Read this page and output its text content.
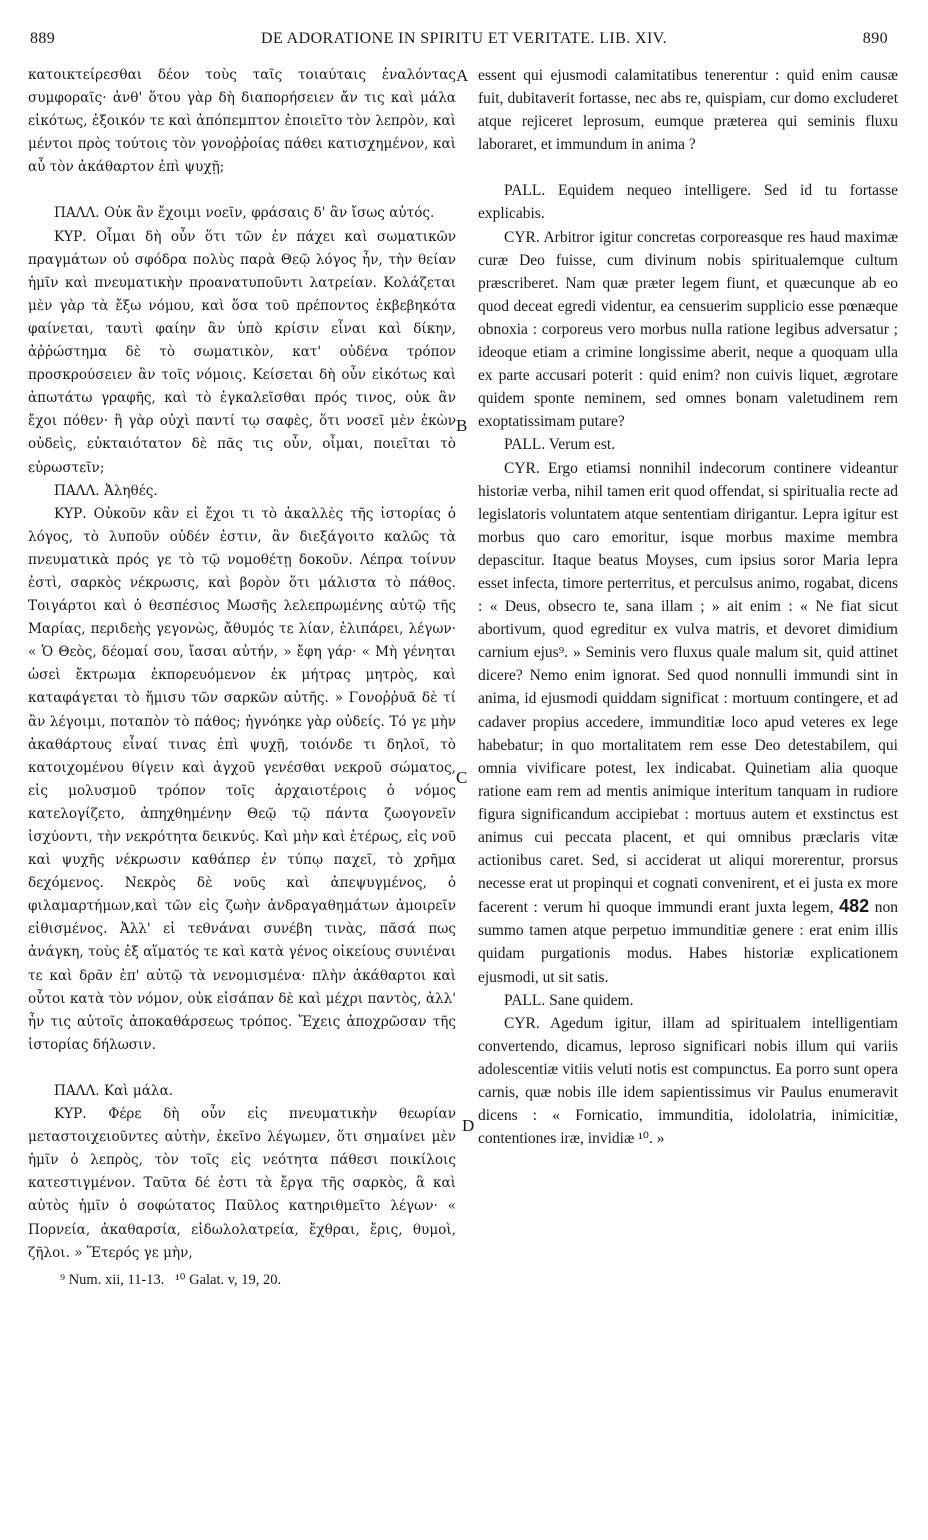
889	DE ADORATIONE IN SPIRITU ET VERITATE. LIB. XIV.	890

κατοικτείρεσθαι δέον τοὺς ταῖς τοιαύταις ἐναλόντας συμφοραῖς· ἀνθ' ὅτου γὰρ δὴ διαπορήσειεν ἄν τις καὶ μάλα εἰκότως, ἐξοικόν τε καὶ ἀπόπεμπτον ἐποιεῖτο τὸν λεπρὸν, καὶ μέντοι πρὸς τούτοις τὸν γονοῤῥοίας πάθει κατισχημένον, καὶ αὖ τὸν ἀκάθαρτον ἐπὶ ψυχῇ;

ΠΑΛΛ. Οὐκ ἂν ἔχοιμι νοεῖν, φράσαις δ' ἂν ἴσως αὐτός.

ΚΥΡ. Οἶμαι δὴ οὖν ὅτι τῶν ἐν πάχει καὶ σωματικῶν πραγμάτων οὐ σφόδρα πολὺς παρὰ Θεῷ λόγος ἦν, τὴν θείαν ἡμῖν καὶ πνευματικὴν προανατυποῦντι λατρείαν. Κολάζεται μὲν γὰρ τὰ ἔξω νόμου, καὶ ὅσα τοῦ πρέποντος ἐκβεβηκότα φαίνεται, ταυτὶ φαίην ἂν ὑπὸ κρίσιν εἶναι καὶ δίκην, ἀῤῥώστημα δὲ τὸ σωματικὸν, κατ' οὐδένα τρόπον προσκρούσειεν ἂν τοῖς νόμοις. Κείσεται δὴ οὖν εἰκότως καὶ ἀπωτάτω γραφῆς, καὶ τὸ ἐγκαλεῖσθαι πρός τινος, οὐκ ἂν ἔχοι πόθεν· ἢ γὰρ οὐχὶ παντί τῳ σαφὲς, ὅτι νοσεῖ μὲν ἑκὼν οὐδεὶς, εὐκταιότατον δὲ πᾶς τις οὖν, οἶμαι, ποιεῖται τὸ εὐρωστεῖν;

ΠΑΛΛ. Ἀληθές.

ΚΥΡ. Οὐκοῦν κἂν εἰ ἔχοι τι τὸ ἀκαλλὲς τῆς ἱστορίας ὁ λόγος, τὸ λυποῦν οὐδέν ἐστιν, ἂν διεξάγοιτο καλῶς τὰ πνευματικὰ πρός γε τὸ τῷ νομοθέτῃ δοκοῦν. Λέπρα τοίνυν ἐστὶ, σαρκὸς νέκρωσις, καὶ βορὸν ὅτι μάλιστα τὸ πάθος. Τοιγάρτοι καὶ ὁ θεσπέσιος Μωσῆς λελεπρωμένης αὐτῷ τῆς Μαρίας, περιδεὴς γεγονὼς, ἄθυμός τε λίαν, ἐλιπάρει, λέγων· « Ὁ Θεὸς, δέομαί σου, ἴασαι αὐτήν, » ἔφη γάρ· « Μὴ γένηται ὡσεὶ ἔκτρωμα ἐκπορευόμενον ἐκ μήτρας μητρὸς, καὶ καταφάγεται τὸ ἥμισυ τῶν σαρκῶν αὐτῆς. » Γονοῤῥυᾶ δὲ τί ἂν λέγοιμι, ποταπὸν τὸ πάθος; ἠγνόηκε γὰρ οὐδείς. Τό γε μὴν ἀκαθάρτους εἶναί τινας ἐπὶ ψυχῇ, τοιόνδε τι δηλοῖ, τὸ κατοιχομένου θίγειν καὶ ἀγχοῦ γενέσθαι νεκροῦ σώματος, εἰς μολυσμοῦ τρόπον τοῖς ἀρχαιοτέροις ὁ νόμος κατελογίζετο, ἀπηχθημένην Θεῷ τῷ πάντα ζωογονεῖν ἰσχύοντι, τὴν νεκρότητα δεικνύς. Καὶ μὴν καὶ ἑτέρως, εἰς νοῦ καὶ ψυχῆς νέκρωσιν καθάπερ ἐν τύπῳ παχεῖ, τὸ χρῆμα δεχόμενος. Νεκρὸς δὲ νοῦς καὶ ἀπεψυγμένος, ὁ φιλαμαρτήμων,καὶ τῶν εἰς ζωὴν ἀνδραγαθημάτων ἀμοιρεῖν εἰθισμένος. Ἀλλ' εἰ τεθνάναι συνέβη τινὰς, πᾶσά πως ἀνάγκη, τοὺς ἐξ αἵματός τε καὶ κατὰ γένος οἰκείους συνιέναι τε καὶ δρᾶν ἐπ' αὐτῷ τὰ νενομισμένα· πλὴν ἀκάθαρτοι καὶ οὗτοι κατὰ τὸν νόμον, οὐκ εἰσάπαν δὲ καὶ μέχρι παντὸς, ἀλλ' ἦν τις αὐτοῖς ἀποκαθάρσεως τρόπος. Ἔχεις ἀποχρῶσαν τῆς ἱστορίας δήλωσιν.

ΠΑΛΛ. Καὶ μάλα.

ΚΥΡ. Φέρε δὴ οὖν εἰς πνευματικὴν θεωρίαν μεταστοιχειοῦντες αὐτὴν, ἐκεῖνο λέγωμεν, ὅτι σημαίνει μὲν ἡμῖν ὁ λεπρὸς, τὸν τοῖς εἰς νεότητα πάθεσι ποικίλοις κατεστιγμένον. Ταῦτα δέ ἐστι τὰ ἔργα τῆς σαρκὸς, ἃ καὶ αὐτὸς ἡμῖν ὁ σοφώτατος Παῦλος κατηριθμεῖτο λέγων· « Πορνεία, ἀκαθαρσία, εἰδωλολατρεία, ἔχθραι, ἔρις, θυμοὶ, ζῆλοι. » Ἕτερός γε μὴν,

A
B
C
D

essent qui ejusmodi calamitatibus tenerentur : quid enim causæ fuit, dubitaverit fortasse, nec abs re, quispiam, cur domo excluderet atque rejiceret leprosum, eumque præterea qui seminis fluxu laboraret, et immundum in anima ?

PALL. Equidem nequeo intelligere. Sed id tu fortasse explicabis.

CYR. Arbitror igitur concretas corporeasque res haud maximæ curæ Deo fuisse, cum divinum nobis spiritualemque cultum præscriberet. Nam quæ præter legem fiunt, et quæcunque ab eo quod deceat egredi videntur, ea censuerim supplicio esse pœnæque obnoxia : corporeus vero morbus nulla ratione legibus adversatur ; ideoque etiam a crimine longissime aberit, neque a quoquam ulla ex parte accusari poterit : quid enim? non cuivis liquet, ægrotare quidem sponte neminem, sed omnes bonam valetudinem rem exoptatissimam putare?

PALL. Verum est.

CYR. Ergo etiamsi nonnihil indecorum continere videantur historiæ verba, nihil tamen erit quod offendat, si spiritualia recte ad legislatoris voluntatem atque sententiam dirigantur. Lepra igitur est morbus quo caro emoritur, isque morbus maxime membra depascitur. Itaque beatus Moyses, cum ipsius soror Maria lepra esset infecta, timore perterritus, et perculsus animo, rogabat, dicens : « Deus, obsecro te, sana illam ; » ait enim : « Ne fiat sicut abortivum, quod egreditur ex vulva matris, et devoret dimidium carnium ejus⁹. » Seminis vero fluxus quale malum sit, quid attinet dicere? Nemo enim ignorat. Sed quod nonnulli immundi sint in anima, id ejusmodi quiddam significat : mortuum contingere, et ad cadaver propius accedere, immunditiæ loco apud veteres ex lege habebatur; in quo mortalitatem rem esse Deo detestabilem, qui omnia vivificare potest, lex indicabat. Quinetiam alia quoque ratione eam rem ad mentis animique interitum tanquam in rudiore figura significandum accipiebat : mortuus autem et exstinctus est animus cui peccata placent, et qui omnibus præclaris vitæ actionibus caret. Sed, si acciderat ut aliqui morerentur, prorsus necesse erat ut propinqui et cognati convenirent, et ei justa ex more facerent : verum hi quoque immundi erant juxta legem, 482 non summo tamen atque perpetuo immunditiæ genere : erat enim illis quidam purgationis modus. Habes historiæ explicationem ejusmodi, ut sit satis.

PALL. Sane quidem.

CYR. Agedum igitur, illam ad spiritualem intelligentiam convertendo, dicamus, leproso significari nobis illum qui variis adolescentiæ vitiis veluti notis est compunctus. Ea porro sunt opera carnis, quæ nobis ille idem sapientissimus vir Paulus enumeravit dicens : « Fornicatio, immunditia, idololatria, inimicitiæ, contentiones iræ, invidiæ ¹⁰. »

⁹ Num. xii, 11-13. ¹⁰ Galat. v, 19, 20.
